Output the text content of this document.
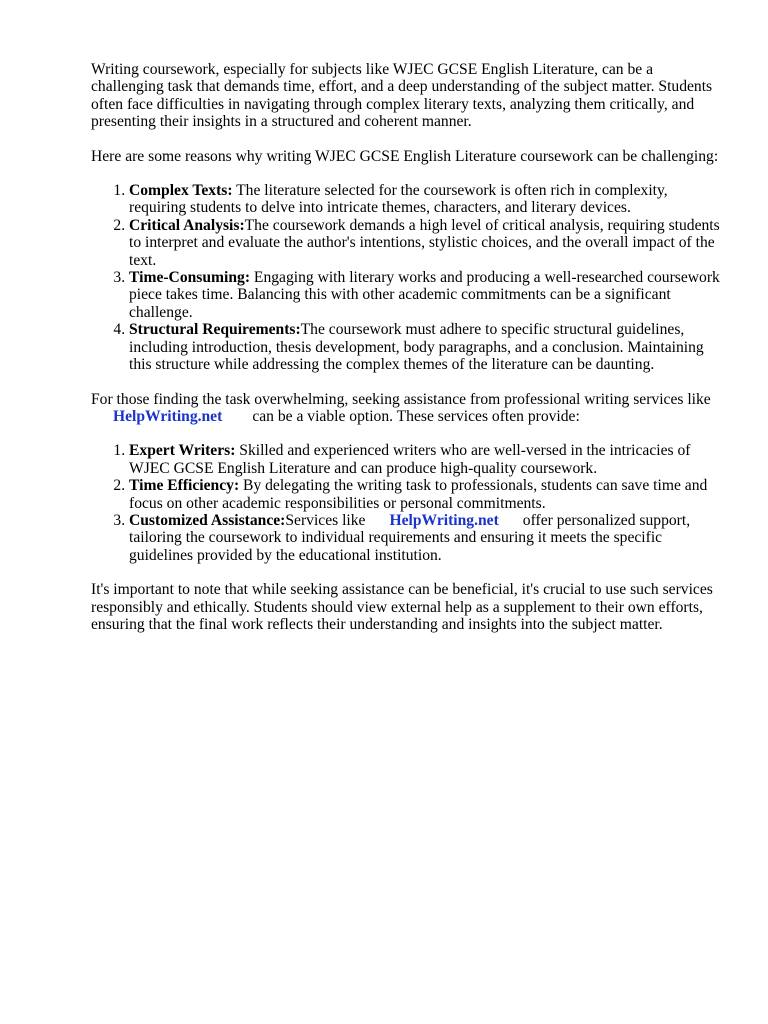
Writing coursework, especially for subjects like WJEC GCSE English Literature, can be a challenging task that demands time, effort, and a deep understanding of the subject matter. Students often face difficulties in navigating through complex literary texts, analyzing them critically, and presenting their insights in a structured and coherent manner.

Here are some reasons why writing WJEC GCSE English Literature coursework can be challenging:

1. Complex Texts: The literature selected for the coursework is often rich in complexity, requiring students to delve into intricate themes, characters, and literary devices.
2. Critical Analysis:The coursework demands a high level of critical analysis, requiring students to interpret and evaluate the author's intentions, stylistic choices, and the overall impact of the text.
3. Time-Consuming: Engaging with literary works and producing a well-researched coursework piece takes time. Balancing this with other academic commitments can be a significant challenge.
4. Structural Requirements:The coursework must adhere to specific structural guidelines, including introduction, thesis development, body paragraphs, and a conclusion. Maintaining this structure while addressing the complex themes of the literature can be daunting.

For those finding the task overwhelming, seeking assistance from professional writing services like
HelpWriting.net can be a viable option. These services often provide:

1. Expert Writers: Skilled and experienced writers who are well-versed in the intricacies of WJEC GCSE English Literature and can produce high-quality coursework.
2. Time Efficiency: By delegating the writing task to professionals, students can save time and focus on other academic responsibilities or personal commitments.
3. Customized Assistance:Services like HelpWriting.net offer personalized support, tailoring the coursework to individual requirements and ensuring it meets the specific guidelines provided by the educational institution.

It's important to note that while seeking assistance can be beneficial, it's crucial to use such services responsibly and ethically. Students should view external help as a supplement to their own efforts, ensuring that the final work reflects their understanding and insights into the subject matter.
